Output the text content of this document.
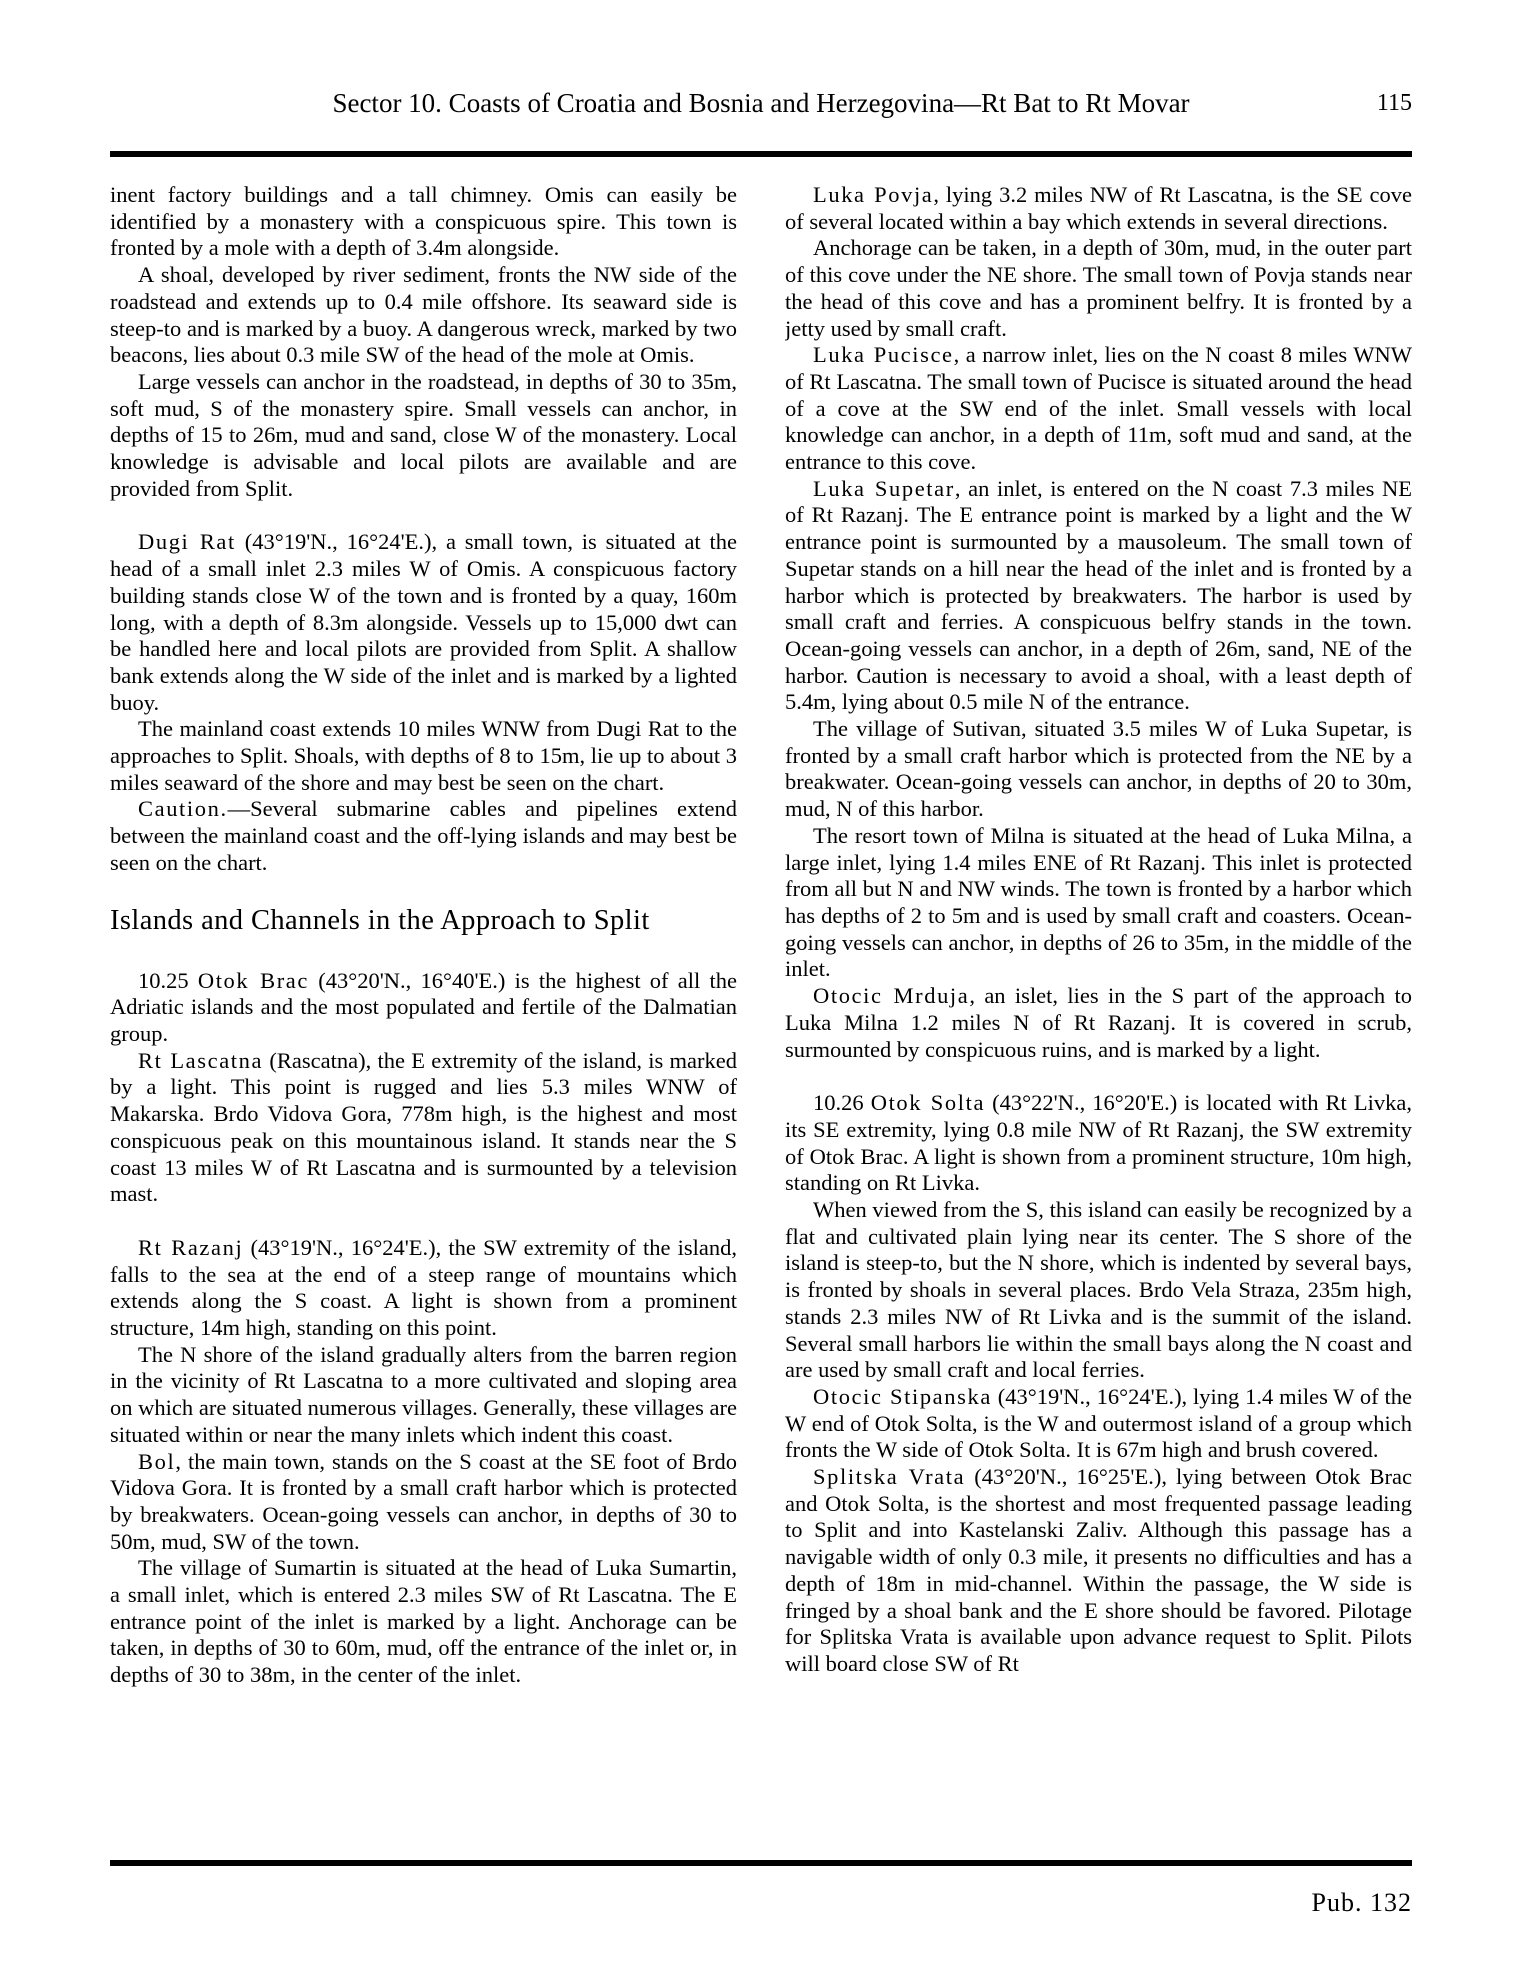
Sector 10. Coasts of Croatia and Bosnia and Herzegovina—Rt Bat to Rt Movar	115

inent factory buildings and a tall chimney. Omis can easily be identified by a monastery with a conspicuous spire. This town is fronted by a mole with a depth of 3.4m alongside.

A shoal, developed by river sediment, fronts the NW side of the roadstead and extends up to 0.4 mile offshore. Its seaward side is steep-to and is marked by a buoy. A dangerous wreck, marked by two beacons, lies about 0.3 mile SW of the head of the mole at Omis.

Large vessels can anchor in the roadstead, in depths of 30 to 35m, soft mud, S of the monastery spire. Small vessels can anchor, in depths of 15 to 26m, mud and sand, close W of the monastery. Local knowledge is advisable and local pilots are available and are provided from Split.

Dugi Rat (43°19'N., 16°24'E.), a small town, is situated at the head of a small inlet 2.3 miles W of Omis. A conspicuous factory building stands close W of the town and is fronted by a quay, 160m long, with a depth of 8.3m alongside. Vessels up to 15,000 dwt can be handled here and local pilots are provided from Split. A shallow bank extends along the W side of the inlet and is marked by a lighted buoy.

The mainland coast extends 10 miles WNW from Dugi Rat to the approaches to Split. Shoals, with depths of 8 to 15m, lie up to about 3 miles seaward of the shore and may best be seen on the chart.

Caution.—Several submarine cables and pipelines extend between the mainland coast and the off-lying islands and may best be seen on the chart.

Islands and Channels in the Approach to Split

10.25 Otok Brac (43°20'N., 16°40'E.) is the highest of all the Adriatic islands and the most populated and fertile of the Dalmatian group.

Rt Lascatna (Rascatna), the E extremity of the island, is marked by a light. This point is rugged and lies 5.3 miles WNW of Makarska. Brdo Vidova Gora, 778m high, is the highest and most conspicuous peak on this mountainous island. It stands near the S coast 13 miles W of Rt Lascatna and is surmounted by a television mast.

Rt Razanj (43°19'N., 16°24'E.), the SW extremity of the island, falls to the sea at the end of a steep range of mountains which extends along the S coast. A light is shown from a prominent structure, 14m high, standing on this point.

The N shore of the island gradually alters from the barren region in the vicinity of Rt Lascatna to a more cultivated and sloping area on which are situated numerous villages. Generally, these villages are situated within or near the many inlets which indent this coast.

Bol, the main town, stands on the S coast at the SE foot of Brdo Vidova Gora. It is fronted by a small craft harbor which is protected by breakwaters. Ocean-going vessels can anchor, in depths of 30 to 50m, mud, SW of the town.

The village of Sumartin is situated at the head of Luka Sumartin, a small inlet, which is entered 2.3 miles SW of Rt Lascatna. The E entrance point of the inlet is marked by a light. Anchorage can be taken, in depths of 30 to 60m, mud, off the entrance of the inlet or, in depths of 30 to 38m, in the center of the inlet.

Luka Povja, lying 3.2 miles NW of Rt Lascatna, is the SE cove of several located within a bay which extends in several directions.

Anchorage can be taken, in a depth of 30m, mud, in the outer part of this cove under the NE shore. The small town of Povja stands near the head of this cove and has a prominent belfry. It is fronted by a jetty used by small craft.

Luka Pucisce, a narrow inlet, lies on the N coast 8 miles WNW of Rt Lascatna. The small town of Pucisce is situated around the head of a cove at the SW end of the inlet. Small vessels with local knowledge can anchor, in a depth of 11m, soft mud and sand, at the entrance to this cove.

Luka Supetar, an inlet, is entered on the N coast 7.3 miles NE of Rt Razanj. The E entrance point is marked by a light and the W entrance point is surmounted by a mausoleum. The small town of Supetar stands on a hill near the head of the inlet and is fronted by a harbor which is protected by breakwaters. The harbor is used by small craft and ferries. A conspicuous belfry stands in the town. Ocean-going vessels can anchor, in a depth of 26m, sand, NE of the harbor. Caution is necessary to avoid a shoal, with a least depth of 5.4m, lying about 0.5 mile N of the entrance.

The village of Sutivan, situated 3.5 miles W of Luka Supetar, is fronted by a small craft harbor which is protected from the NE by a breakwater. Ocean-going vessels can anchor, in depths of 20 to 30m, mud, N of this harbor.

The resort town of Milna is situated at the head of Luka Milna, a large inlet, lying 1.4 miles ENE of Rt Razanj. This inlet is protected from all but N and NW winds. The town is fronted by a harbor which has depths of 2 to 5m and is used by small craft and coasters. Ocean-going vessels can anchor, in depths of 26 to 35m, in the middle of the inlet.

Otocic Mrduja, an islet, lies in the S part of the approach to Luka Milna 1.2 miles N of Rt Razanj. It is covered in scrub, surmounted by conspicuous ruins, and is marked by a light.

10.26 Otok Solta (43°22'N., 16°20'E.) is located with Rt Livka, its SE extremity, lying 0.8 mile NW of Rt Razanj, the SW extremity of Otok Brac. A light is shown from a prominent structure, 10m high, standing on Rt Livka.

When viewed from the S, this island can easily be recognized by a flat and cultivated plain lying near its center. The S shore of the island is steep-to, but the N shore, which is indented by several bays, is fronted by shoals in several places. Brdo Vela Straza, 235m high, stands 2.3 miles NW of Rt Livka and is the summit of the island. Several small harbors lie within the small bays along the N coast and are used by small craft and local ferries.

Otocic Stipanska (43°19'N., 16°24'E.), lying 1.4 miles W of the W end of Otok Solta, is the W and outermost island of a group which fronts the W side of Otok Solta. It is 67m high and brush covered.

Splitska Vrata (43°20'N., 16°25'E.), lying between Otok Brac and Otok Solta, is the shortest and most frequented passage leading to Split and into Kastelanski Zaliv. Although this passage has a navigable width of only 0.3 mile, it presents no difficulties and has a depth of 18m in mid-channel. Within the passage, the W side is fringed by a shoal bank and the E shore should be favored. Pilotage for Splitska Vrata is available upon advance request to Split. Pilots will board close SW of Rt

Pub. 132
